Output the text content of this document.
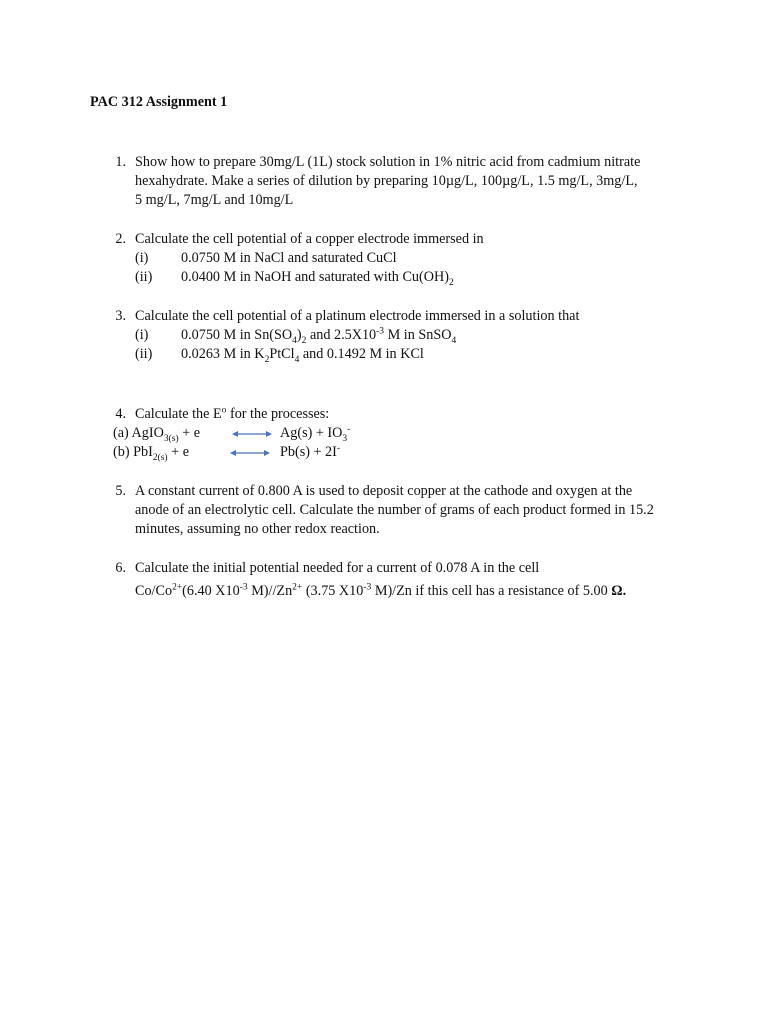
PAC 312 Assignment 1
1. Show how to prepare 30mg/L (1L) stock solution in 1% nitric acid from cadmium nitrate
hexahydrate. Make a series of dilution by preparing 10µg/L, 100µg/L, 1.5 mg/L, 3mg/L,
5 mg/L, 7mg/L and 10mg/L
2. Calculate the cell potential of a copper electrode immersed in
(i) 0.0750 M in NaCl and saturated CuCl
(ii) 0.0400 M in NaOH and saturated with $Cu(OH)_2$
3. Calculate the cell potential of a platinum electrode immersed in a solution that
(i) 0.0750 M in $Sn(SO_4)_2$ and $2.5X10^{-3}$ M in SnSO$_4$
(ii) 0.0263 M in $K_2PtCl_4$ and 0.1492 M in KCl
4. Calculate the $E^o$ for the processes:
(a) AgIO$_{3(s)}$ + e	$Ag(s) + IO_3^-$
(b) PbI$_{2(s)}$ + e	Pb(s) + 2I-
5. A constant current of 0.800 A is used to deposit copper at the cathode and oxygen at the
anode of an electrolytic cell. Calculate the number of grams of each product formed in 15.2
minutes, assuming no other redox reaction.
6. Calculate the initial potential needed for a current of 0.078 A in the cell
$Co/Co^{2+}(6.40$ $X10^{-3}$ $M)//Zn^{2+}$ (3.75 $X10^{-3}$ M)/Zn if this cell has a resistance of 5.00 Ω.
